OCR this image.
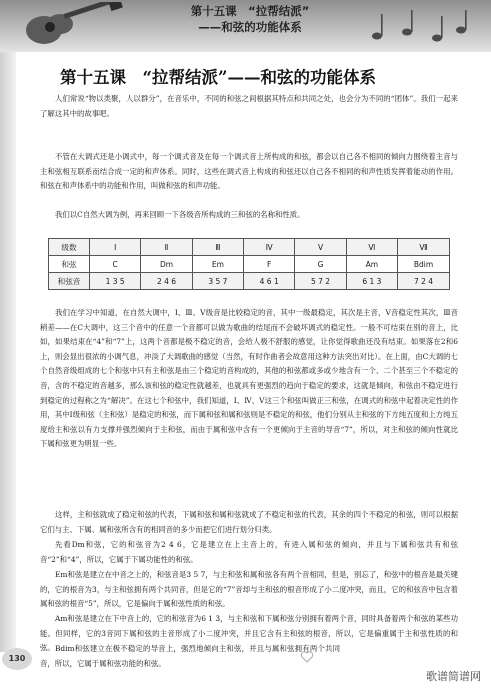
第十五课　“拉帮结派”
——和弦的功能体系
第十五课　“拉帮结派”——和弦的功能体系

人们常说“物以类聚，人以群分”，在音乐中，不同的和弦之间根据其特点和共同之处，也会分为不同的“团体”。我们一起来了解这其中的故事吧。

不管在大调式还是小调式中，每一个调式音及在每一个调式音上所构成的和弦，都会以自己各不相同的倾向力围绕着主音与主和弦相互联系而结合成一定的和声体系。同时，这些在调式音上构成的和弦还以自己各不相同的和声性质发挥着能动的作用。和弦在和声体系中的功能和作用，叫做和弦的和声功能。

我们以C自然大调为例，再来回顾一下各级音所构成的三和弦的名称和性质。

级数	Ⅰ	Ⅱ	Ⅲ	Ⅳ	Ⅴ	Ⅵ	Ⅶ
和弦	C	Dm	Em	F	G	Am	Bdim
和弦音	1 3 5	2 4 6	3 5 7	4 6 1	5 7 2	6 1 3	7 2 4

我们在学习中知道，在自然大调中，Ⅰ、Ⅲ、Ⅴ级音是比较稳定的音，其中一级最稳定，其次是主音，Ⅴ音稳定性其次，Ⅲ音稍差——在C大调中，这三个音中的任意一个音都可以做为歌曲的结尾而不会破坏调式的稳定性。一般不可结束在别的音上，比如，如果结束在“4”和“7”上，这两个音都是极不稳定的音，会给人极不舒服的感觉，让你觉得歌曲还没有结束。如果落在2和6上，则会显出很浓的小调气息，冲淡了大调歌曲的感觉（当然，有时作曲者会故意用这种方法突出对比）。在上面，由C大调的七个自然音级组成的七个和弦中只有主和弦是由三个稳定的音构成的，其他的和弦都或多或少地含有一个、二个甚至三个不稳定的音，含的不稳定的音越多，那么该和弦的稳定性就越差，也就具有更强烈的趋向于稳定的要求，这就是倾向，和弦由不稳定进行到稳定的过程称之为“解决”。在这七个和弦中，我们知道，Ⅰ、Ⅳ、Ⅴ这三个和弦叫做正三和弦，在调式的和弦中起着决定性的作用，其中Ⅰ级和弦（主和弦）是稳定的和弦，而下属和弦和属和弦则是不稳定的和弦，他们分别从主和弦的下方纯五度和上方纯五度给主和弦以有力支撑并强烈倾向于主和弦，而由于属和弦中含有一个更倾向于主音的导音“7”，所以，对主和弦的倾向性就比下属和弦更为明显一些。

这样，主和弦就成了稳定和弦的代表，下属和弦和属和弦就成了不稳定和弦的代表，其余的四个不稳定的和弦，则可以根据它们与主、下属、属和弦所含有的相同音的多少而把它们进行划分归类。

先看Dm和弦，它的和弦音为2 4 6，它是建立在上主音上的，有进入属和弦的倾向，并且与下属和弦共有和弦音“2”和“4”，所以，它属于下属功能性的和弦。

Em和弦是建立在中音之上的，和弦音是3 5 7，与主和弦和属和弦各有两个音相同，但是，别忘了，和弦中的根音是最关键的，它的根音为3，与主和弦拥有两个共同音，但是它的“7”音却与主和弦的根音形成了小二度冲突，而且，它的和弦音中包含着属和弦的根音“5”，所以，它是偏向于属和弦性质的和弦。

Am和弦是建立在下中音上的，它的和弦音为6 1 3，与主和弦和下属和弦分别拥有着两个音，同时具备着两个和弦的某些功能。但同样，它的3音同下属和弦的主音形成了小二度冲突，并且它含有主和弦的根音，所以，它是偏重属于主和弦性质的和弦。 Bdim和弦建立在极不稳定的导音上，强烈地倾向主和弦，并且与属和弦拥有两个共同音，所以，它属于属和弦功能的和弦。

130
歌谱简谱网
